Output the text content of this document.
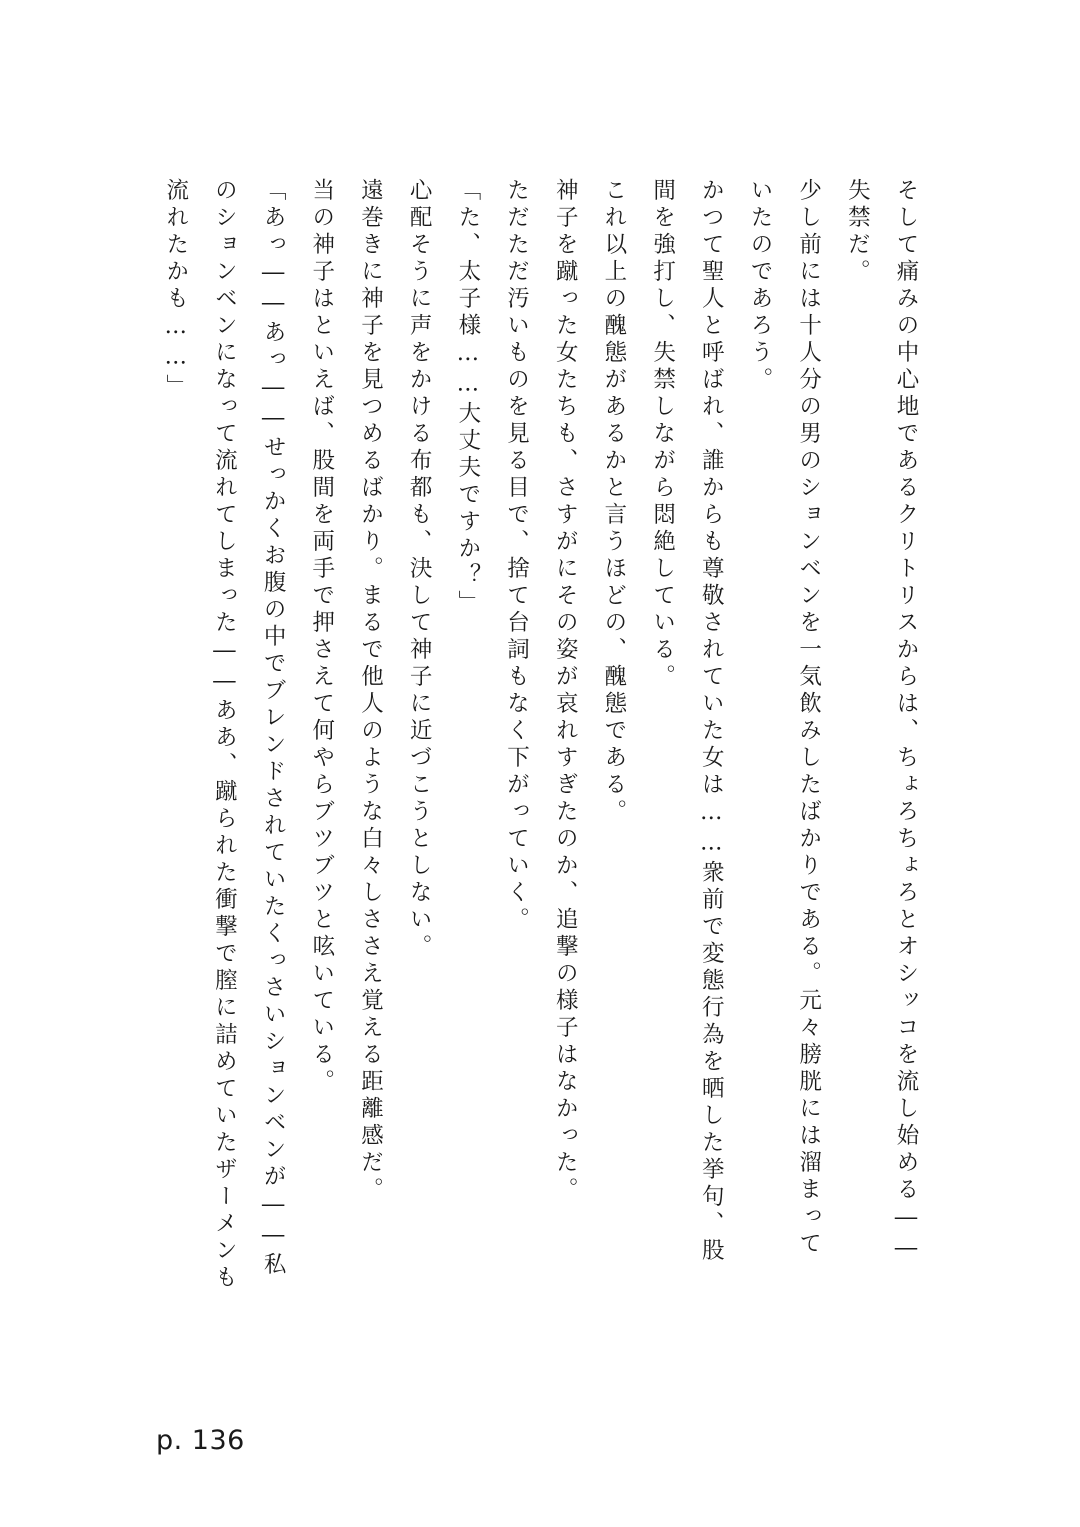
そして痛みの中心地であるクリトリスからは、ちょろちょろとオシッコを流し始める――
失禁だ。
少し前には十人分の男のションベンを一気飲みしたばかりである。元々膀胱には溜まって
いたのであろう。
かつて聖人と呼ばれ、誰からも尊敬されていた女は……衆前で変態行為を晒した挙句、股
間を強打し、失禁しながら悶絶している。
これ以上の醜態があるかと言うほどの、醜態である。
神子を蹴った女たちも、さすがにその姿が哀れすぎたのか、追撃の様子はなかった。
ただただ汚いものを見る目で、捨て台詞もなく下がっていく。
「た、太子様……大丈夫ですか？」
心配そうに声をかける布都も、決して神子に近づこうとしない。
遠巻きに神子を見つめるばかり。まるで他人のような白々しささえ覚える距離感だ。
当の神子はといえば、股間を両手で押さえて何やらブツブツと呟いている。
「あっ――あっ――せっかくお腹の中でブレンドされていたくっさいションベンが――私
のションベンになって流れてしまった――ああ、蹴られた衝撃で膣に詰めていたザーメンも
流れたかも……」
p. 136
